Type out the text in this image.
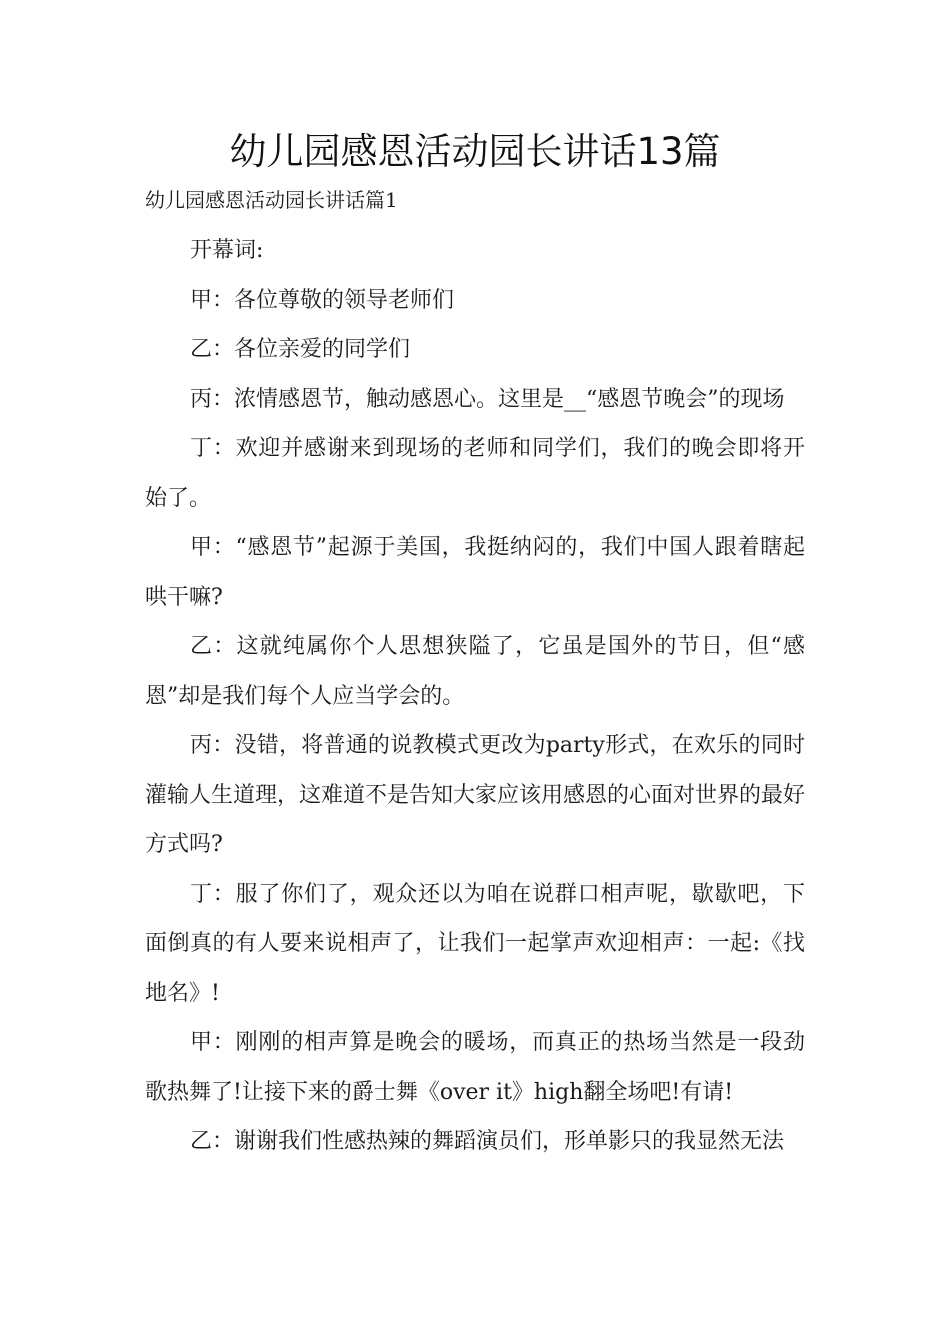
幼儿园感恩活动园长讲话13篇
幼儿园感恩活动园长讲话篇1

开幕词:

甲：各位尊敬的领导老师们

乙：各位亲爱的同学们

丙：浓情感恩节，触动感恩心。这里是__“感恩节晚会”的现场

丁：欢迎并感谢来到现场的老师和同学们，我们的晚会即将开始了。

甲：“感恩节”起源于美国，我挺纳闷的，我们中国人跟着瞎起哄干嘛?

乙：这就纯属你个人思想狭隘了，它虽是国外的节日，但“感恩”却是我们每个人应当学会的。

丙：没错，将普通的说教模式更改为party形式，在欢乐的同时灌输人生道理，这难道不是告知大家应该用感恩的心面对世界的最好方式吗?

丁：服了你们了，观众还以为咱在说群口相声呢，歇歇吧，下面倒真的有人要来说相声了，让我们一起掌声欢迎相声：一起:《找地名》!

甲：刚刚的相声算是晚会的暖场，而真正的热场当然是一段劲歌热舞了!让接下来的爵士舞《over it》high翻全场吧!有请!

乙：谢谢我们性感热辣的舞蹈演员们，形单影只的我显然无法
